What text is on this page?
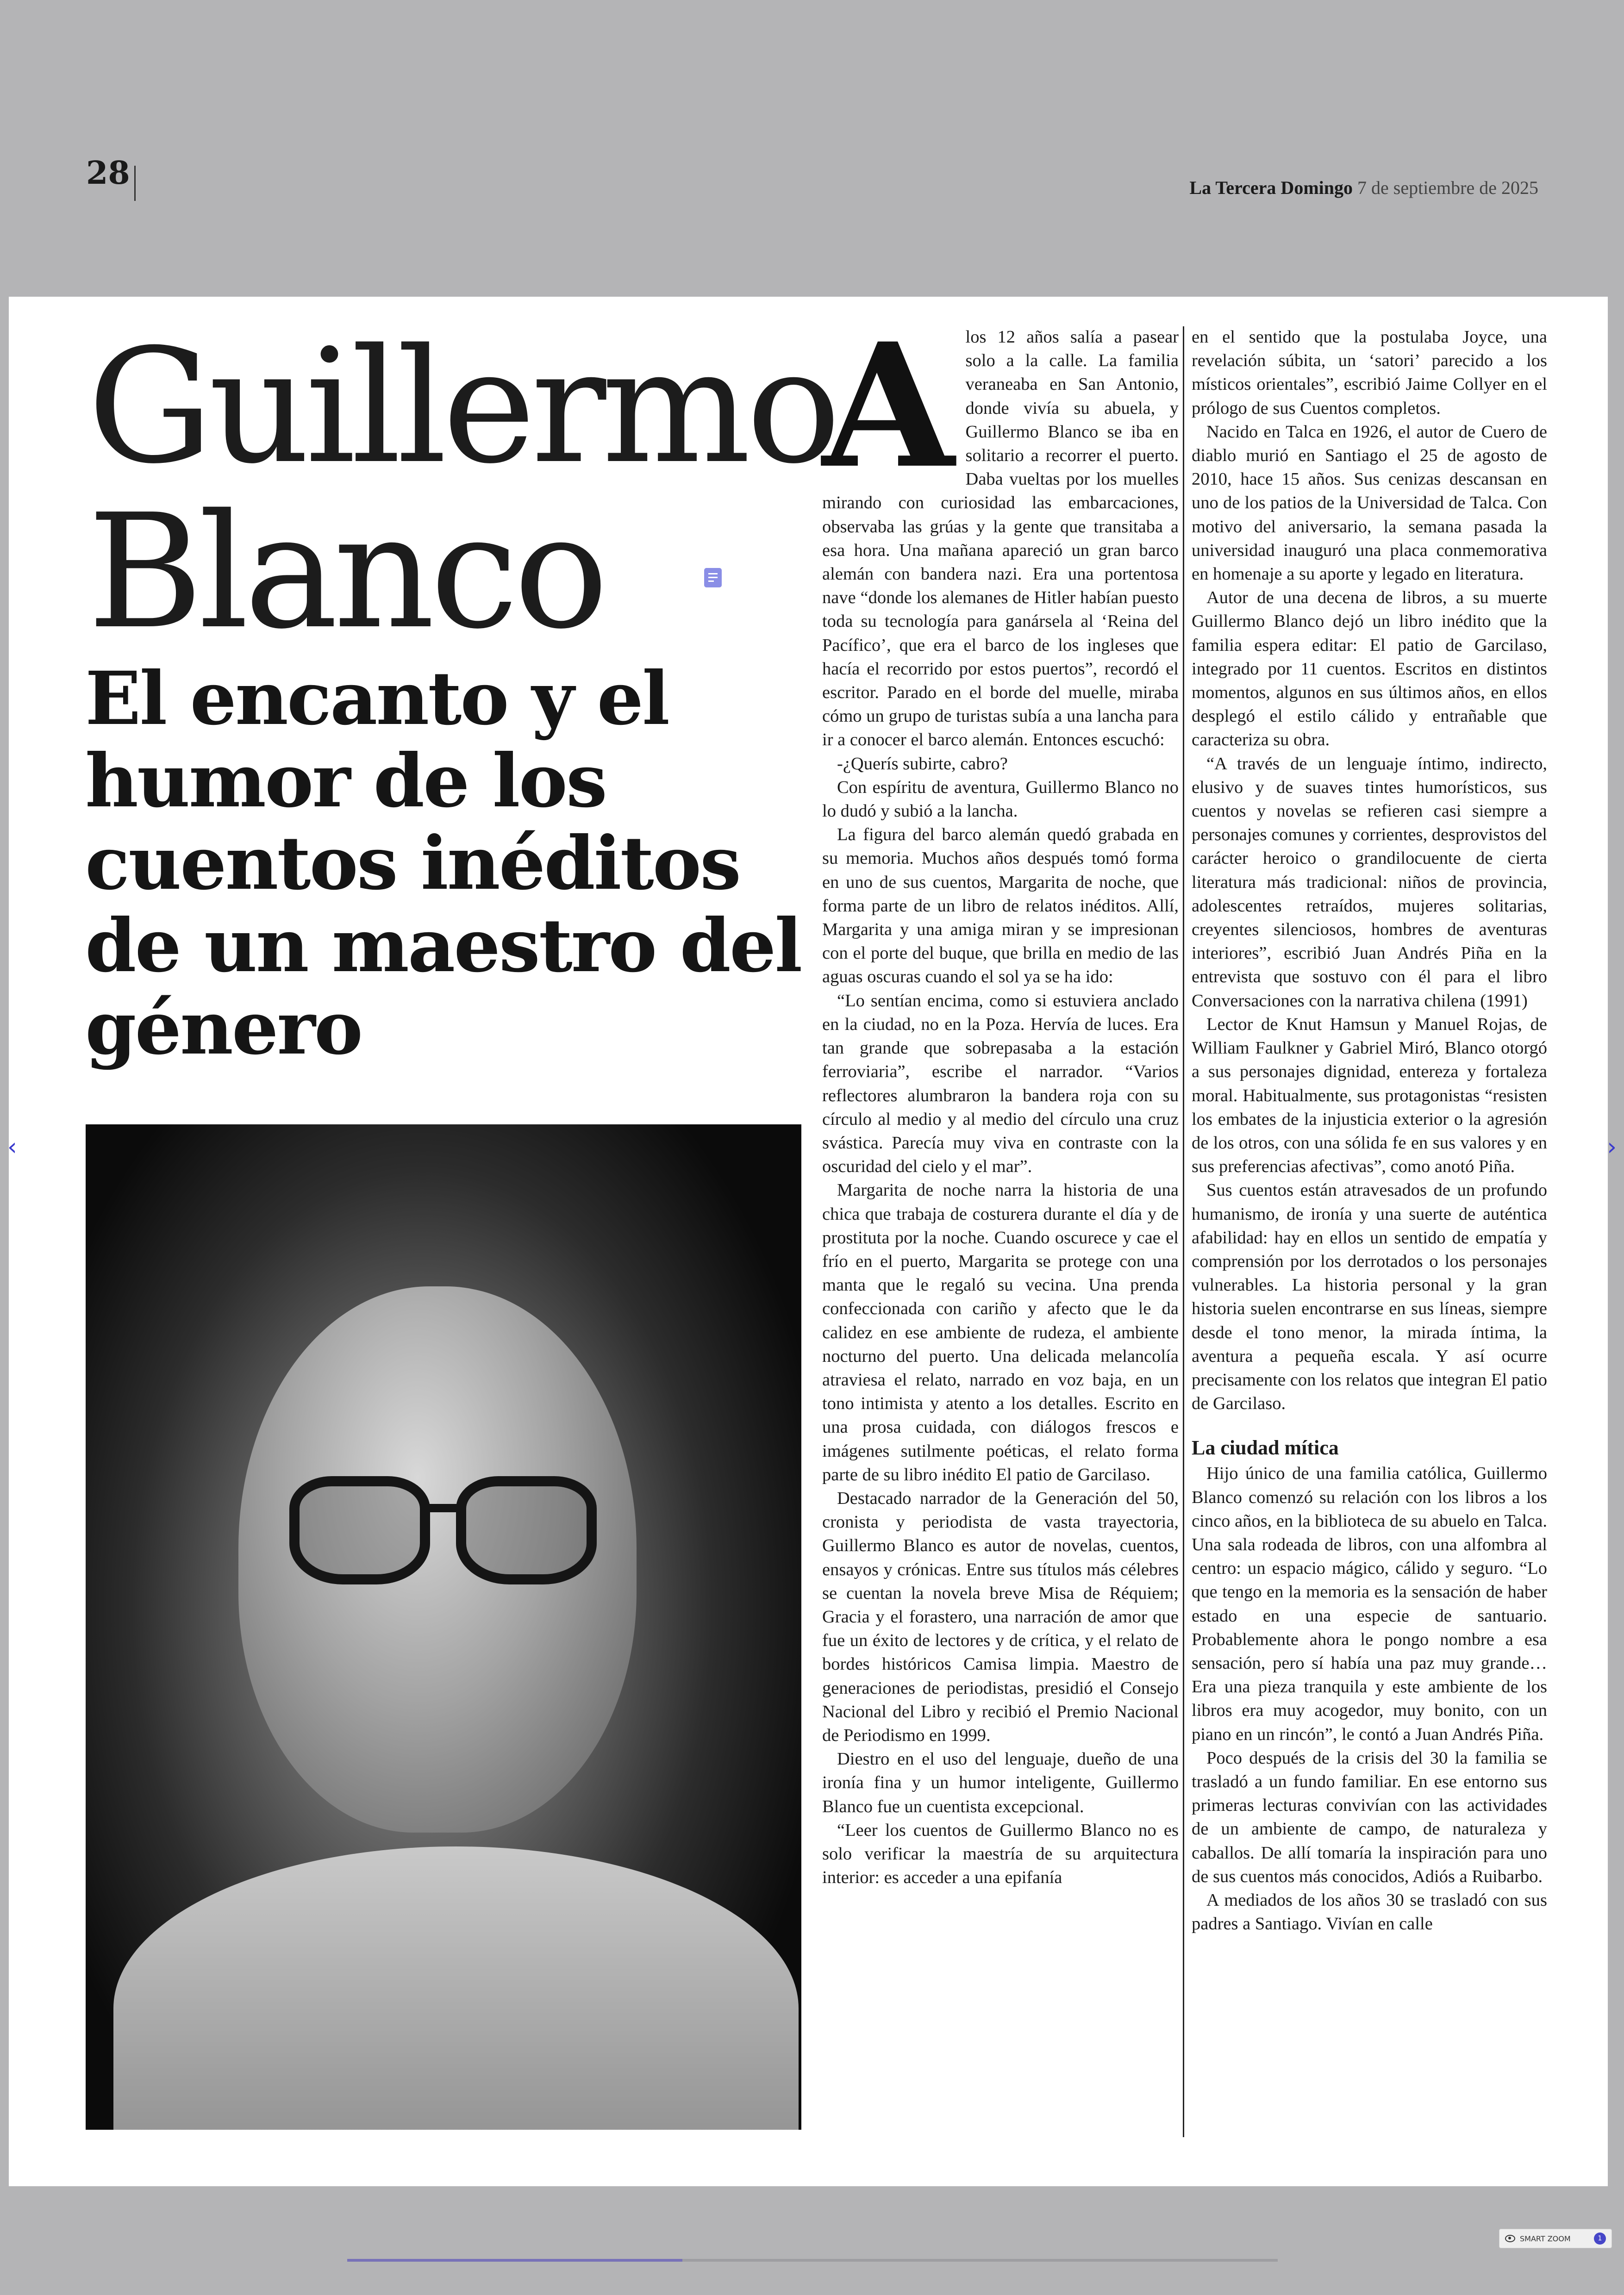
28	La Tercera Domingo 7 de septiembre de 2025
Guillermo
Blanco
El encanto y el humor de los cuentos inéditos de un maestro del género
A los 12 años salía a pasear solo a la calle. La familia veraneaba en San Antonio, donde vivía su abuela, y Guillermo Blanco se iba en solitario a recorrer el puerto. Daba vueltas por los muelles mirando con curiosidad las embarcaciones, observaba las grúas y la gente que transitaba a esa hora. Una mañana apareció un gran barco alemán con bandera nazi. Era una portentosa nave “donde los alemanes de Hitler habían puesto toda su tecnología para ganársela al ‘Reina del Pacífico’, que era el barco de los ingleses que hacía el recorrido por estos puertos”, recordó el escritor. Parado en el borde del muelle, miraba cómo un grupo de turistas subía a una lancha para ir a conocer el barco alemán. Entonces escuchó:

-¿Querís subirte, cabro?

Con espíritu de aventura, Guillermo Blanco no lo dudó y subió a la lancha.

La figura del barco alemán quedó grabada en su memoria. Muchos años después tomó forma en uno de sus cuentos, Margarita de noche, que forma parte de un libro de relatos inéditos. Allí, Margarita y una amiga miran y se impresionan con el porte del buque, que brilla en medio de las aguas oscuras cuando el sol ya se ha ido:

“Lo sentían encima, como si estuviera anclado en la ciudad, no en la Poza. Hervía de luces. Era tan grande que sobrepasaba a la estación ferroviaria”, escribe el narrador. “Varios reflectores alumbraron la bandera roja con su círculo al medio y al medio del círculo una cruz svástica. Parecía muy viva en contraste con la oscuridad del cielo y el mar”.

Margarita de noche narra la historia de una chica que trabaja de costurera durante el día y de prostituta por la noche. Cuando oscurece y cae el frío en el puerto, Margarita se protege con una manta que le regaló su vecina. Una prenda confeccionada con cariño y afecto que le da calidez en ese ambiente de rudeza, el ambiente nocturno del puerto. Una delicada melancolía atraviesa el relato, narrado en voz baja, en un tono intimista y atento a los detalles. Escrito en una prosa cuidada, con diálogos frescos e imágenes sutilmente poéticas, el relato forma parte de su libro inédito El patio de Garcilaso.

Destacado narrador de la Generación del 50, cronista y periodista de vasta trayectoria, Guillermo Blanco es autor de novelas, cuentos, ensayos y crónicas. Entre sus títulos más célebres se cuentan la novela breve Misa de Réquiem; Gracia y el forastero, una narración de amor que fue un éxito de lectores y de crítica, y el relato de bordes históricos Camisa limpia. Maestro de generaciones de periodistas, presidió el Consejo Nacional del Libro y recibió el Premio Nacional de Periodismo en 1999.

Diestro en el uso del lenguaje, dueño de una ironía fina y un humor inteligente, Guillermo Blanco fue un cuentista excepcional.

“Leer los cuentos de Guillermo Blanco no es solo verificar la maestría de su arquitectura interior: es acceder a una epifanía

en el sentido que la postulaba Joyce, una revelación súbita, un ‘satori’ parecido a los místicos orientales”, escribió Jaime Collyer en el prólogo de sus Cuentos completos.

Nacido en Talca en 1926, el autor de Cuero de diablo murió en Santiago el 25 de agosto de 2010, hace 15 años. Sus cenizas descansan en uno de los patios de la Universidad de Talca. Con motivo del aniversario, la semana pasada la universidad inauguró una placa conmemorativa en homenaje a su aporte y legado en literatura.

Autor de una decena de libros, a su muerte Guillermo Blanco dejó un libro inédito que la familia espera editar: El patio de Garcilaso, integrado por 11 cuentos. Escritos en distintos momentos, algunos en sus últimos años, en ellos desplegó el estilo cálido y entrañable que caracteriza su obra.

“A través de un lenguaje íntimo, indirecto, elusivo y de suaves tintes humorísticos, sus cuentos y novelas se refieren casi siempre a personajes comunes y corrientes, desprovistos del carácter heroico o grandilocuente de cierta literatura más tradicional: niños de provincia, adolescentes retraídos, mujeres solitarias, creyentes silenciosos, hombres de aventuras interiores”, escribió Juan Andrés Piña en la entrevista que sostuvo con él para el libro Conversaciones con la narrativa chilena (1991)

Lector de Knut Hamsun y Manuel Rojas, de William Faulkner y Gabriel Miró, Blanco otorgó a sus personajes dignidad, entereza y fortaleza moral. Habitualmente, sus protagonistas “resisten los embates de la injusticia exterior o la agresión de los otros, con una sólida fe en sus valores y en sus preferencias afectivas”, como anotó Piña.

Sus cuentos están atravesados de un profundo humanismo, de ironía y una suerte de auténtica afabilidad: hay en ellos un sentido de empatía y comprensión por los derrotados o los personajes vulnerables. La historia personal y la gran historia suelen encontrarse en sus líneas, siempre desde el tono menor, la mirada íntima, la aventura a pequeña escala. Y así ocurre precisamente con los relatos que integran El patio de Garcilaso.

La ciudad mítica

Hijo único de una familia católica, Guillermo Blanco comenzó su relación con los libros a los cinco años, en la biblioteca de su abuelo en Talca. Una sala rodeada de libros, con una alfombra al centro: un espacio mágico, cálido y seguro. “Lo que tengo en la memoria es la sensación de haber estado en una especie de santuario. Probablemente ahora le pongo nombre a esa sensación, pero sí había una paz muy grande… Era una pieza tranquila y este ambiente de los libros era muy acogedor, muy bonito, con un piano en un rincón”, le contó a Juan Andrés Piña.

Poco después de la crisis del 30 la familia se trasladó a un fundo familiar. En ese entorno sus primeras lecturas convivían con las actividades de un ambiente de campo, de naturaleza y caballos. De allí tomaría la inspiración para uno de sus cuentos más conocidos, Adiós a Ruibarbo.

A mediados de los años 30 se trasladó con sus padres a Santiago. Vivían en calle

‹	›
SMART ZOOM	1
